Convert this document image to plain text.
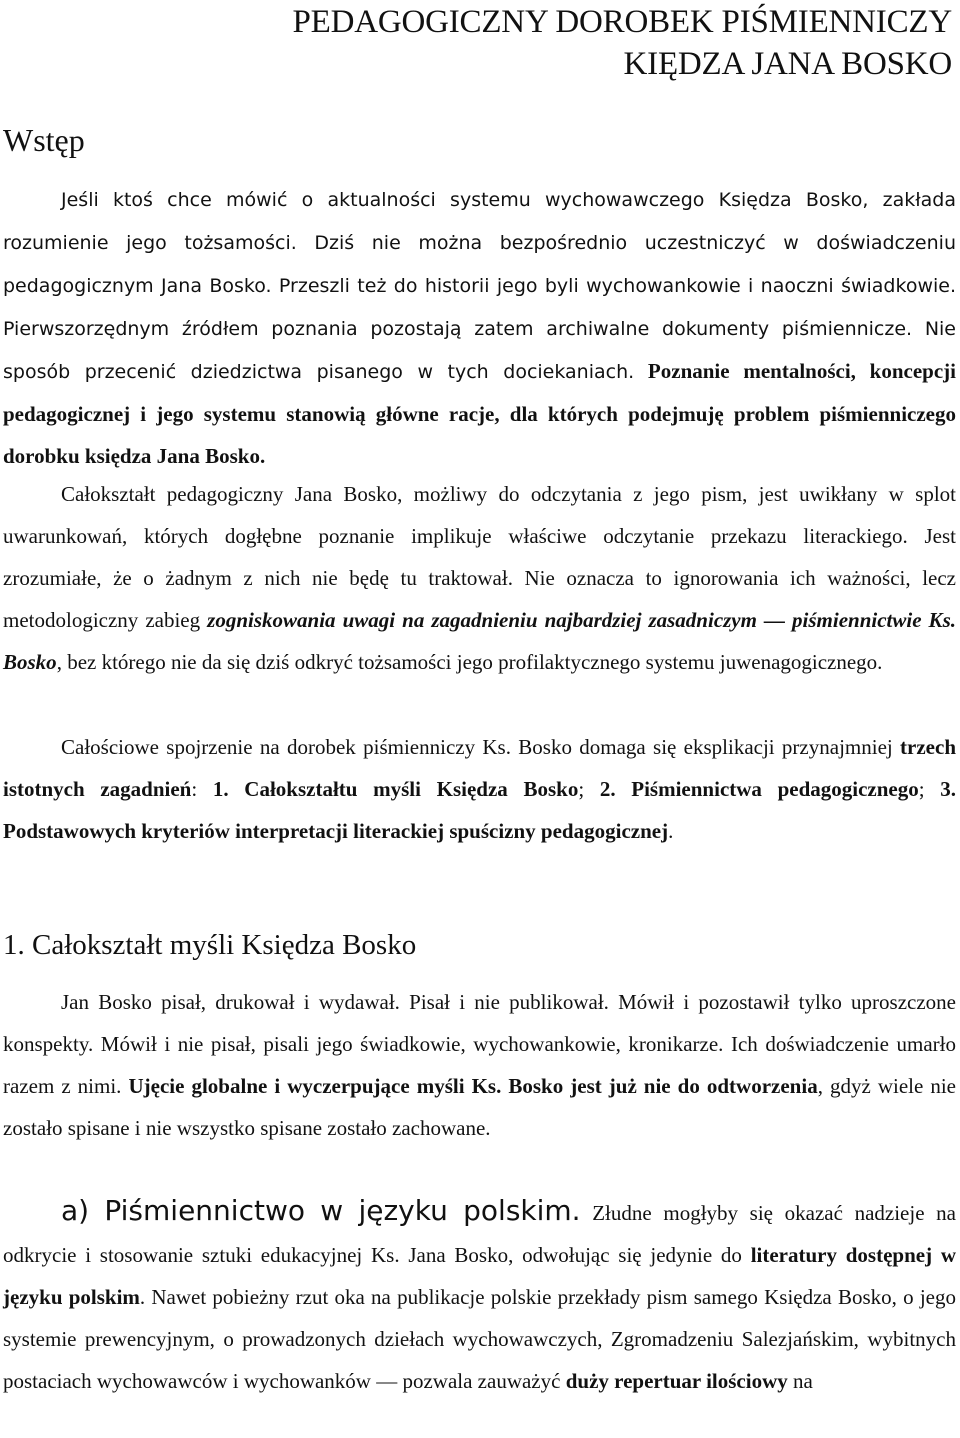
PEDAGOGICZNY DOROBEK PIŚMIENNICZY
KIĘDZA JANA BOSKO
Wstęp
Jeśli ktoś chce mówić o aktualności systemu wychowawczego Księdza Bosko, zakłada rozumienie jego tożsamości. Dziś nie można bezpośrednio uczestniczyć w doświadczeniu pedagogicznym Jana Bosko. Przeszli też do historii jego byli wychowankowie i naoczni świadkowie. Pierwszorzędnym źródłem poznania pozostają zatem archiwalne dokumenty piśmiennicze. Nie sposób przecenić dziedzictwa pisanego w tych dociekaniach. Poznanie mentalności, koncepcji pedagogicznej i jego systemu stanowią główne racje, dla których podejmuję problem piśmienniczego dorobku księdza Jana Bosko.
Całokształt pedagogiczny Jana Bosko, możliwy do odczytania z jego pism, jest uwikłany w splot uwarunkowań, których dogłębne poznanie implikuje właściwe odczytanie przekazu literackiego. Jest zrozumiałe, że o żadnym z nich nie będę tu traktował. Nie oznacza to ignorowania ich ważności, lecz metodologiczny zabieg zogniskowania uwagi na zagadnieniu najbardziej zasadniczym — piśmiennictwie Ks. Bosko, bez którego nie da się dziś odkryć tożsamości jego profilaktycznego systemu juwenagogicznego.
Całościowe spojrzenie na dorobek piśmienniczy Ks. Bosko domaga się eksplikacji przynajmniej trzech istotnych zagadnień: 1. Całokształtu myśli Księdza Bosko; 2. Piśmiennictwa pedagogicznego; 3. Podstawowych kryteriów interpretacji literackiej spuścizny pedagogicznej.
1. Całokształt myśli Księdza Bosko
Jan Bosko pisał, drukował i wydawał. Pisał i nie publikował. Mówił i pozostawił tylko uproszczone konspekty. Mówił i nie pisał, pisali jego świadkowie, wychowankowie, kronikarze. Ich doświadczenie umarło razem z nimi. Ujęcie globalne i wyczerpujące myśli Ks. Bosko jest już nie do odtworzenia, gdyż wiele nie zostało spisane i nie wszystko spisane zostało zachowane.
a) Piśmiennictwo w języku polskim. Złudne mogłyby się okazać nadzieje na odkrycie i stosowanie sztuki edukacyjnej Ks. Jana Bosko, odwołując się jedynie do literatury dostępnej w języku polskim. Nawet pobieżny rzut oka na publikacje polskie przekłady pism samego Księdza Bosko, o jego systemie prewencyjnym, o prowadzonych dziełach wychowawczych, Zgromadzeniu Salezjańskim, wybitnych postaciach wychowawców i wychowanków — pozwala zauważyć duży repertuar ilościowy na
